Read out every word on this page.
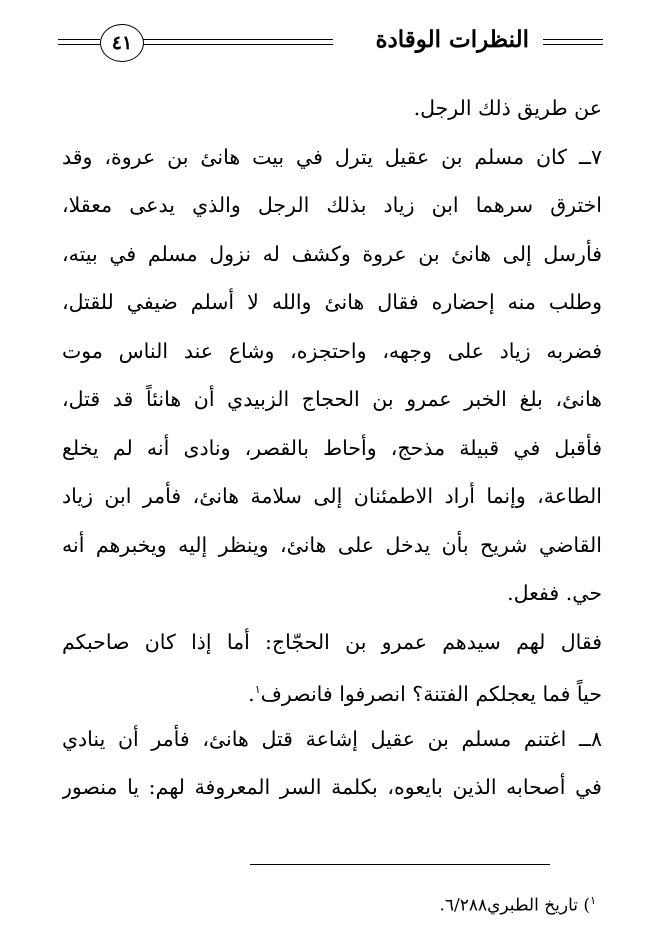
النظرات الوقادة
٤١
عن طريق ذلك الرجل.
٧ــ كان مسلم بن عقيل يترل في بيت هانئ بن عروة، وقد
اخترق سرهما ابن زياد بذلك الرجل والذي يدعى معقلا،
فأرسل إلى هانئ بن عروة وكشف له نزول مسلم في بيته،
وطلب منه إحضاره فقال هانئ والله لا أسلم ضيفي للقتل،
فضربه زياد على وجهه، واحتجزه، وشاع عند الناس موت
هانئ، بلغ الخبر عمرو بن الحجاج الزبيدي أن هانئاً قد قتل،
فأقبل في قبيلة مذحج، وأحاط بالقصر، ونادى أنه لم يخلع
الطاعة، وإنما أراد الاطمئنان إلى سلامة هانئ، فأمر ابن زياد
القاضي شريح بأن يدخل على هانئ، وينظر إليه ويخبرهم أنه
حي. ففعل.
فقال لهم سيدهم عمرو بن الحجّاج: أما إذا كان صاحبكم
حياً فما يعجلكم الفتنة؟ انصرفوا فانصرف$^١$.
٨ــ اغتنم مسلم بن عقيل إشاعة قتل هانئ، فأمر أن ينادي
في أصحابه الذين بايعوه، بكلمة السر المعروفة لهم: يا منصور
$^١$) تاريخ الطبري٦/٢٨٨.
